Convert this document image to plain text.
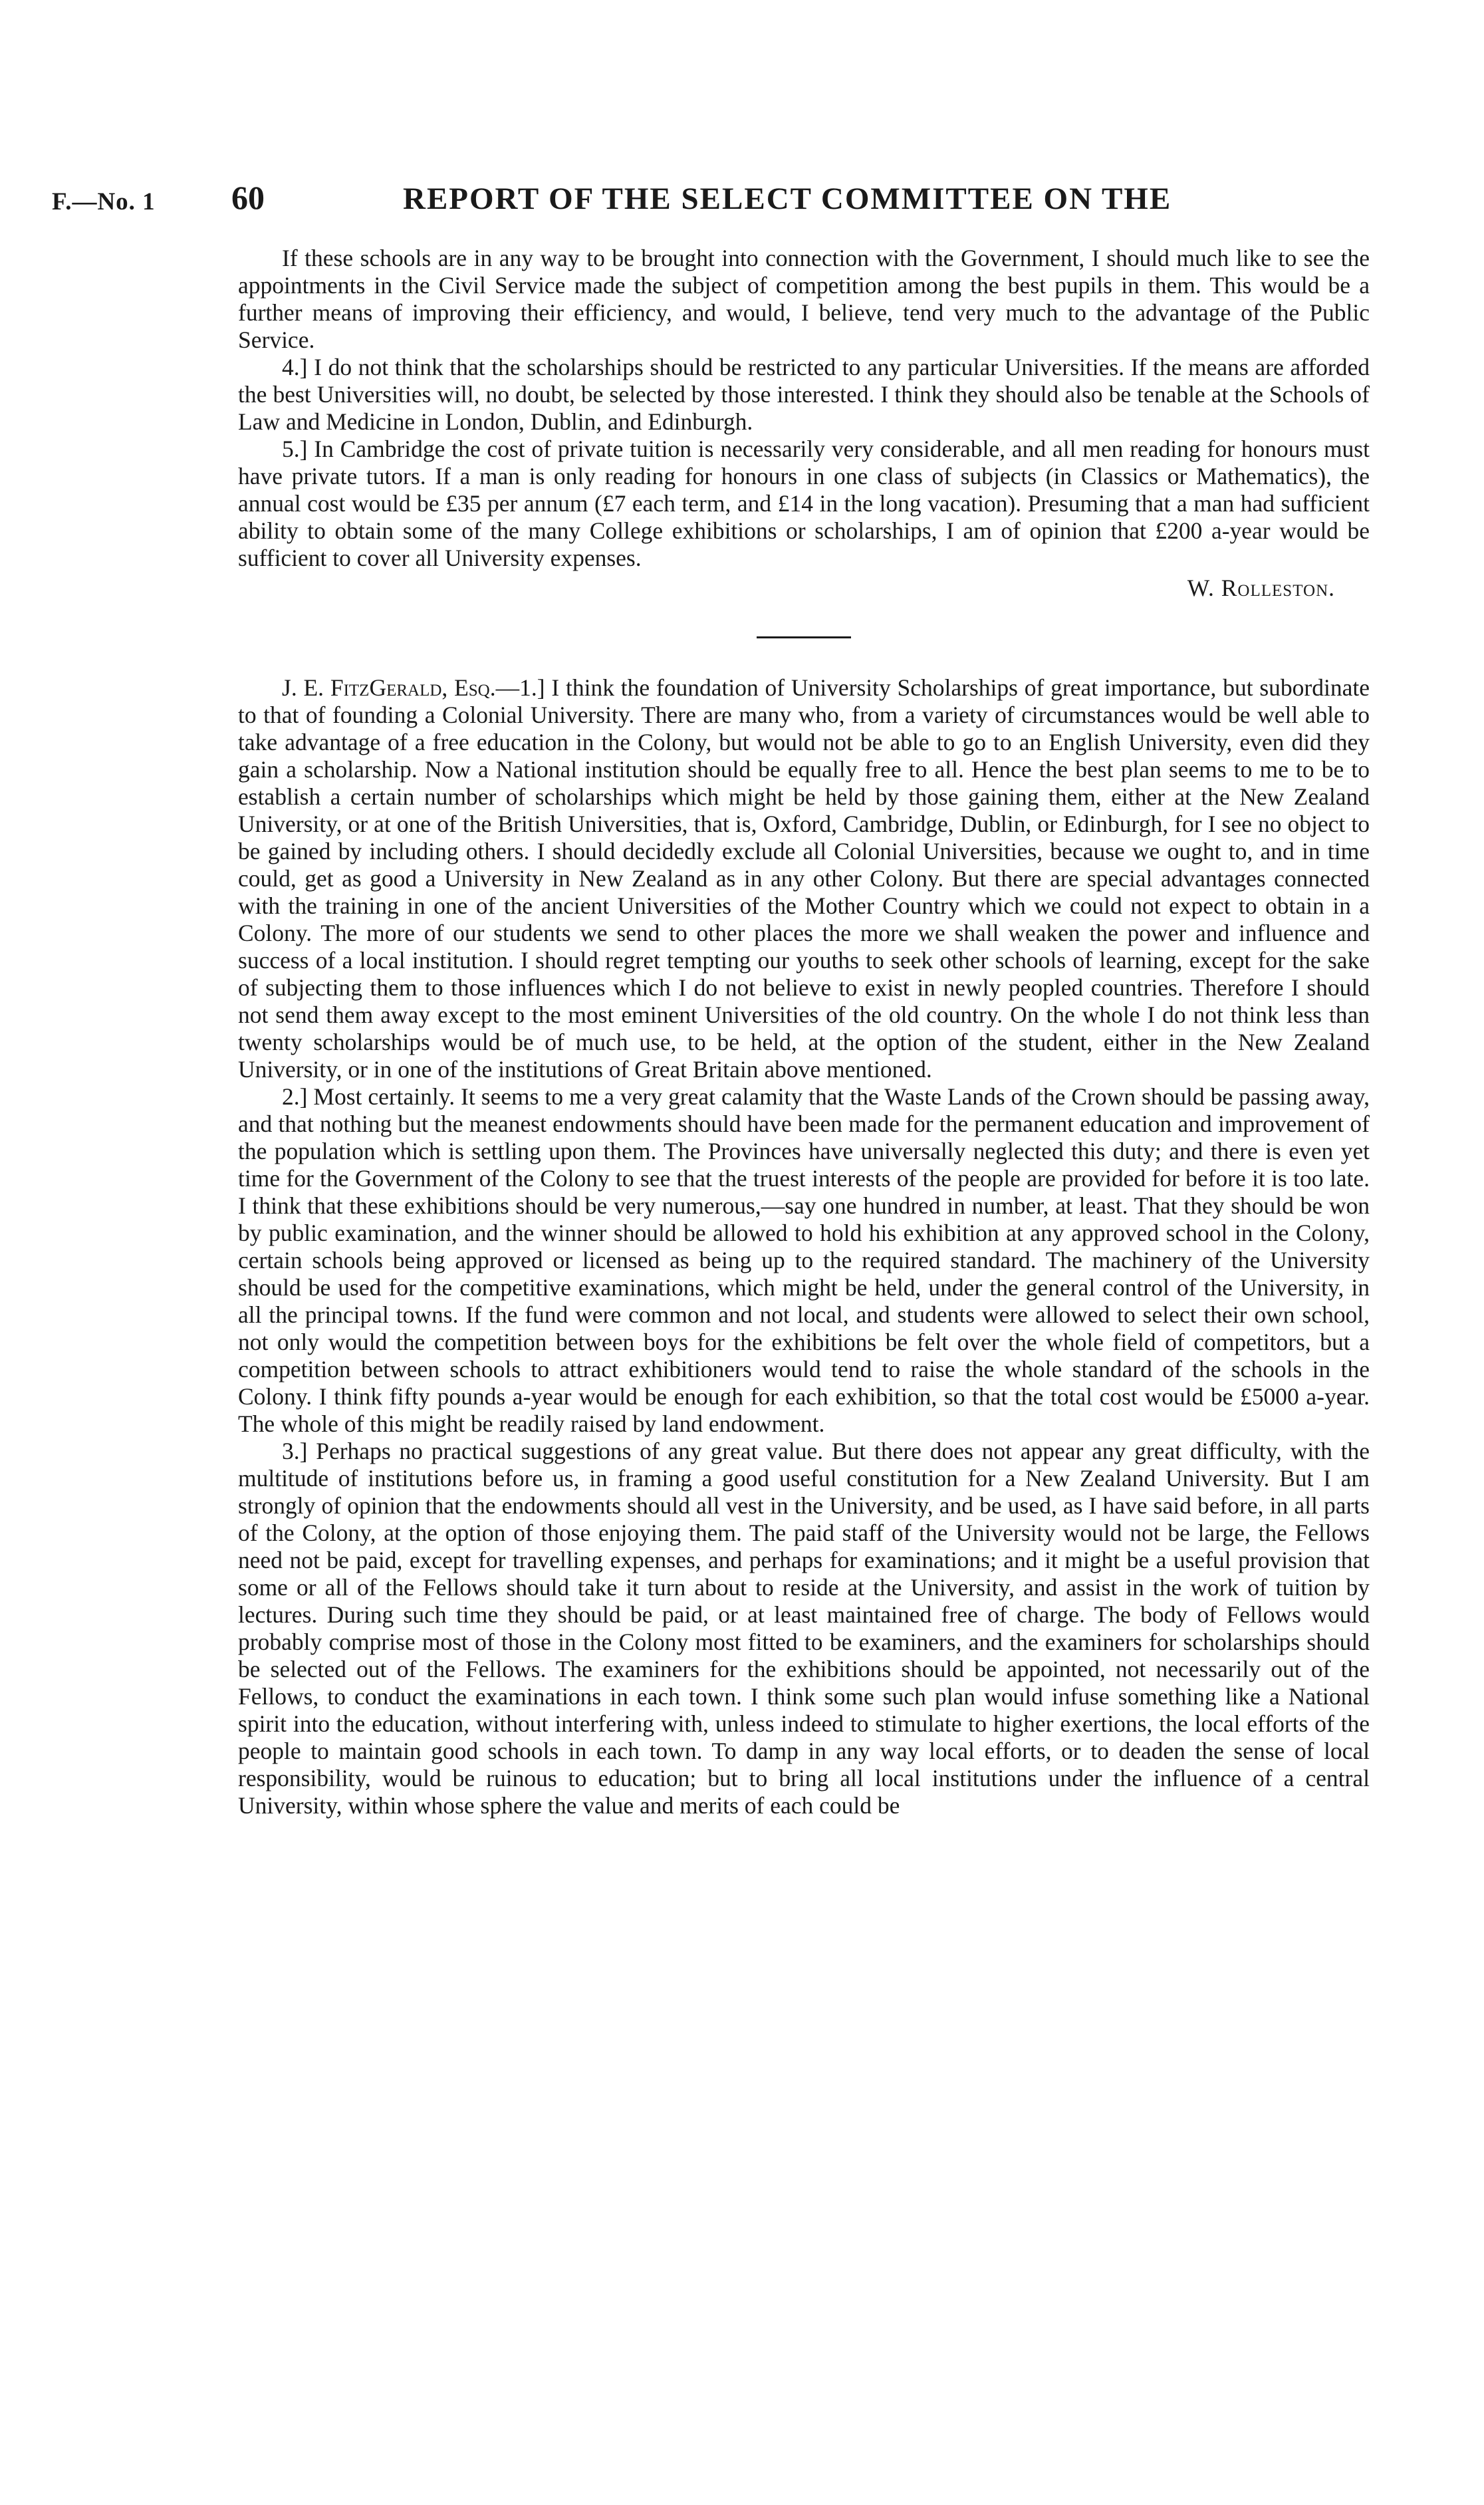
F.—No. 1 60	REPORT OF THE SELECT COMMITTEE ON THE

If these schools are in any way to be brought into connection with the Government, I should much like to see the appointments in the Civil Service made the subject of competition among the best pupils in them. This would be a further means of improving their efficiency, and would, I believe, tend very much to the advantage of the Public Service.

4.] I do not think that the scholarships should be restricted to any particular Universities. If the means are afforded the best Universities will, no doubt, be selected by those interested. I think they should also be tenable at the Schools of Law and Medicine in London, Dublin, and Edinburgh.

5.] In Cambridge the cost of private tuition is necessarily very considerable, and all men reading for honours must have private tutors. If a man is only reading for honours in one class of subjects (in Classics or Mathematics), the annual cost would be £35 per annum (£7 each term, and £14 in the long vacation). Presuming that a man had sufficient ability to obtain some of the many College exhibitions or scholarships, I am of opinion that £200 a-year would be sufficient to cover all University expenses.

W. Rolleston.

J. E. FitzGerald, Esq.—1.] I think the foundation of University Scholarships of great importance, but subordinate to that of founding a Colonial University. There are many who, from a variety of circumstances would be well able to take advantage of a free education in the Colony, but would not be able to go to an English University, even did they gain a scholarship. Now a National institution should be equally free to all. Hence the best plan seems to me to be to establish a certain number of scholarships which might be held by those gaining them, either at the New Zealand University, or at one of the British Universities, that is, Oxford, Cambridge, Dublin, or Edinburgh, for I see no object to be gained by including others. I should decidedly exclude all Colonial Universities, because we ought to, and in time could, get as good a University in New Zealand as in any other Colony. But there are special advantages connected with the training in one of the ancient Universities of the Mother Country which we could not expect to obtain in a Colony. The more of our students we send to other places the more we shall weaken the power and influence and success of a local institution. I should regret tempting our youths to seek other schools of learning, except for the sake of subjecting them to those influences which I do not believe to exist in newly peopled countries. Therefore I should not send them away except to the most eminent Universities of the old country. On the whole I do not think less than twenty scholarships would be of much use, to be held, at the option of the student, either in the New Zealand University, or in one of the institutions of Great Britain above mentioned.

2.] Most certainly. It seems to me a very great calamity that the Waste Lands of the Crown should be passing away, and that nothing but the meanest endowments should have been made for the permanent education and improvement of the population which is settling upon them. The Provinces have universally neglected this duty; and there is even yet time for the Government of the Colony to see that the truest interests of the people are provided for before it is too late. I think that these exhibitions should be very numerous,—say one hundred in number, at least. That they should be won by public examination, and the winner should be allowed to hold his exhibition at any approved school in the Colony, certain schools being approved or licensed as being up to the required standard. The machinery of the University should be used for the competitive examinations, which might be held, under the general control of the University, in all the principal towns. If the fund were common and not local, and students were allowed to select their own school, not only would the competition between boys for the exhibitions be felt over the whole field of competitors, but a competition between schools to attract exhibitioners would tend to raise the whole standard of the schools in the Colony. I think fifty pounds a-year would be enough for each exhibition, so that the total cost would be £5000 a-year. The whole of this might be readily raised by land endowment.

3.] Perhaps no practical suggestions of any great value. But there does not appear any great difficulty, with the multitude of institutions before us, in framing a good useful constitution for a New Zealand University. But I am strongly of opinion that the endowments should all vest in the University, and be used, as I have said before, in all parts of the Colony, at the option of those enjoying them. The paid staff of the University would not be large, the Fellows need not be paid, except for travelling expenses, and perhaps for examinations; and it might be a useful provision that some or all of the Fellows should take it turn about to reside at the University, and assist in the work of tuition by lectures. During such time they should be paid, or at least maintained free of charge. The body of Fellows would probably comprise most of those in the Colony most fitted to be examiners, and the examiners for scholarships should be selected out of the Fellows. The examiners for the exhibitions should be appointed, not necessarily out of the Fellows, to conduct the examinations in each town. I think some such plan would infuse something like a National spirit into the education, without interfering with, unless indeed to stimulate to higher exertions, the local efforts of the people to maintain good schools in each town. To damp in any way local efforts, or to deaden the sense of local responsibility, would be ruinous to education; but to bring all local institutions under the influence of a central University, within whose sphere the value and merits of each could be
